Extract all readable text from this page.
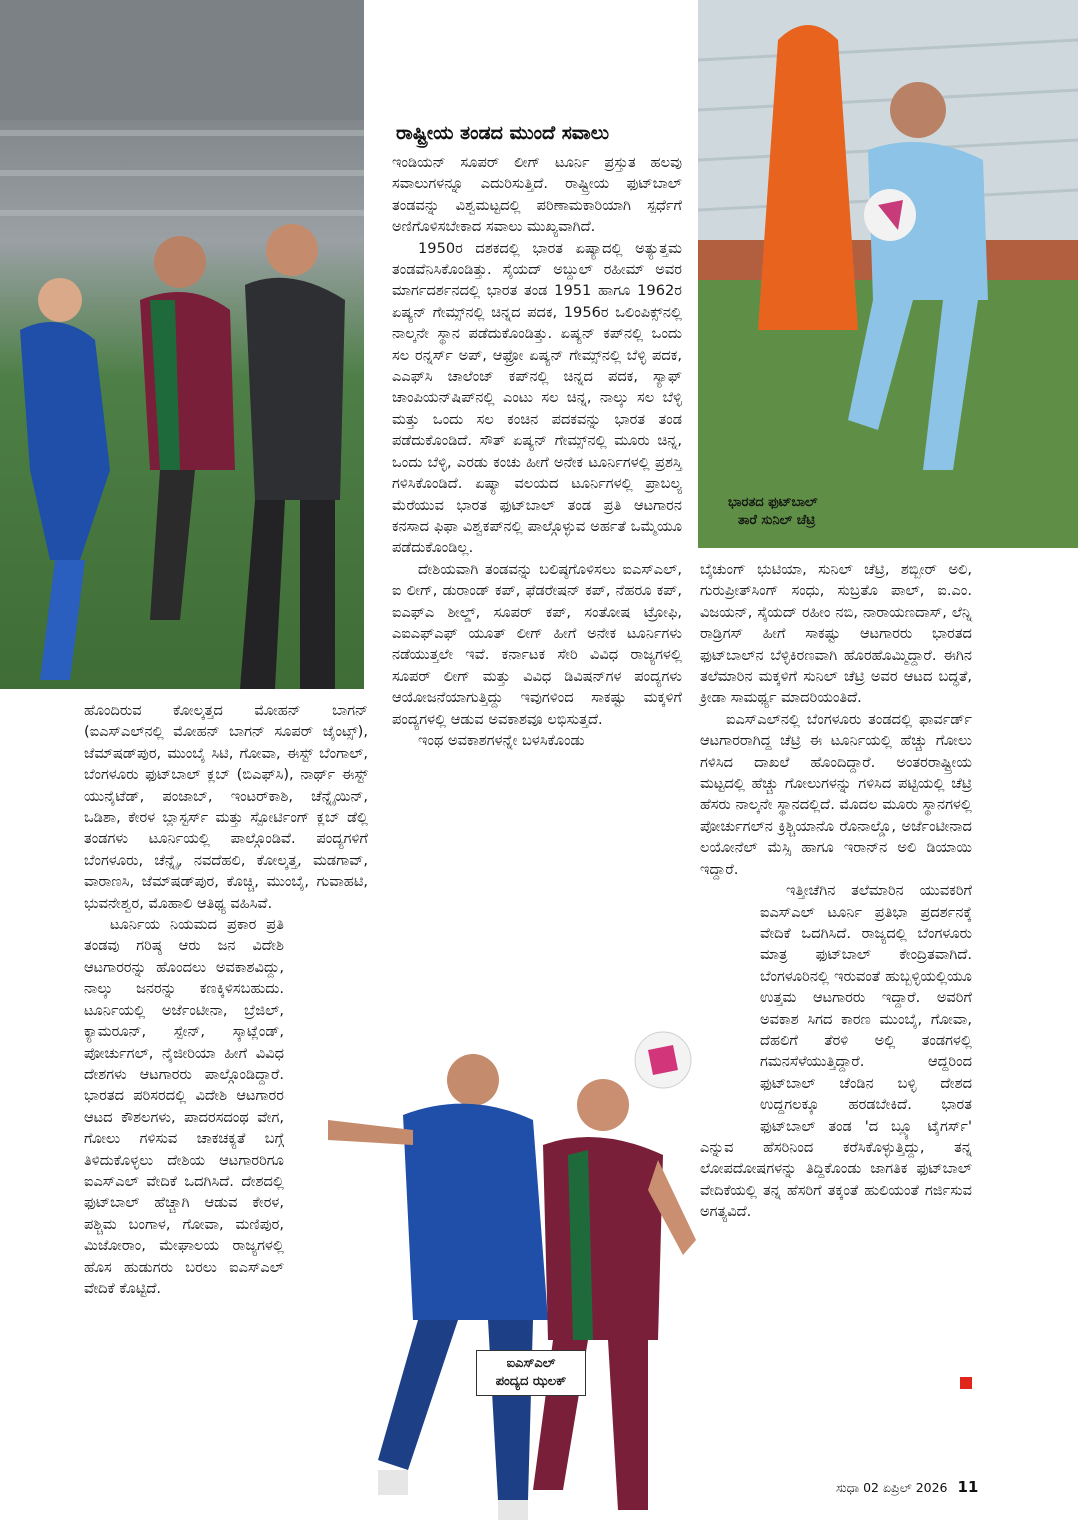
ಭಾರತದ ಫುಟ್‌ಬಾಲ್
ತಾರೆ ಸುನಿಲ್ ಚೆಟ್ರಿ
ರಾಷ್ಟ್ರೀಯ ತಂಡದ ಮುಂದೆ ಸವಾಲು

ಇಂಡಿಯನ್ ಸೂಪರ್ ಲೀಗ್ ಟೂರ್ನಿ ಪ್ರಸ್ತುತ ಹಲವು ಸವಾಲುಗಳನ್ನೂ ಎದುರಿಸುತ್ತಿದೆ. ರಾಷ್ಟ್ರೀಯ ಫುಟ್‌ಬಾಲ್ ತಂಡವನ್ನು ವಿಶ್ವಮಟ್ಟದಲ್ಲಿ ಪರಿಣಾಮಕಾರಿಯಾಗಿ ಸ್ಪರ್ಧೆಗೆ ಅಣಿಗೊಳಿಸಬೇಕಾದ ಸವಾಲು ಮುಖ್ಯವಾಗಿದೆ.

1950ರ ದಶಕದಲ್ಲಿ ಭಾರತ ಏಷ್ಯಾದಲ್ಲಿ ಅತ್ಯುತ್ತಮ ತಂಡವೆನಿಸಿಕೊಂಡಿತ್ತು. ಸೈಯದ್ ಅಬ್ದುಲ್ ರಹೀಮ್ ಅವರ ಮಾರ್ಗದರ್ಶನದಲ್ಲಿ ಭಾರತ ತಂಡ 1951 ಹಾಗೂ 1962ರ ಏಷ್ಯನ್ ಗೇಮ್ಸ್‌ನಲ್ಲಿ ಚಿನ್ನದ ಪದಕ, 1956ರ ಒಲಿಂಪಿಕ್ಸ್‌ನಲ್ಲಿ ನಾಲ್ಕನೇ ಸ್ಥಾನ ಪಡೆದುಕೊಂಡಿತ್ತು. ಏಷ್ಯನ್ ಕಪ್‌ನಲ್ಲಿ ಒಂದು ಸಲ ರನ್ನರ್ಸ್ ಅಪ್, ಆಫ್ರೋ ಏಷ್ಯನ್ ಗೇಮ್ಸ್‌ನಲ್ಲಿ ಬೆಳ್ಳಿ ಪದಕ, ಎಎಫ್‌ಸಿ ಚಾಲೆಂಜ್ ಕಪ್‌ನಲ್ಲಿ ಚಿನ್ನದ ಪದಕ, ಸ್ಯಾಫ್ ಚಾಂಪಿಯನ್‌ಷಿಪ್‌ನಲ್ಲಿ ಎಂಟು ಸಲ ಚಿನ್ನ, ನಾಲ್ಕು ಸಲ ಬೆಳ್ಳಿ ಮತ್ತು ಒಂದು ಸಲ ಕಂಚಿನ ಪದಕವನ್ನು ಭಾರತ ತಂಡ ಪಡೆದುಕೊಂಡಿದೆ. ಸೌತ್ ಏಷ್ಯನ್ ಗೇಮ್ಸ್‌ನಲ್ಲಿ ಮೂರು ಚಿನ್ನ, ಒಂದು ಬೆಳ್ಳಿ, ಎರಡು ಕಂಚು ಹೀಗೆ ಅನೇಕ ಟೂರ್ನಿಗಳಲ್ಲಿ ಪ್ರಶಸ್ತಿ ಗಳಿಸಿಕೊಂಡಿದೆ. ಏಷ್ಯಾ ವಲಯದ ಟೂರ್ನಿಗಳಲ್ಲಿ ಪ್ರಾಬಲ್ಯ ಮೆರೆಯುವ ಭಾರತ ಫುಟ್‌ಬಾಲ್ ತಂಡ ಪ್ರತಿ ಆಟಗಾರನ ಕನಸಾದ ಫಿಫಾ ವಿಶ್ವಕಪ್‌ನಲ್ಲಿ ಪಾಲ್ಗೊಳ್ಳುವ ಅರ್ಹತೆ ಒಮ್ಮೆಯೂ ಪಡೆದುಕೊಂಡಿಲ್ಲ.

ದೇಶಿಯವಾಗಿ ತಂಡವನ್ನು ಬಲಿಷ್ಠಗೊಳಿಸಲು ಐಎಸ್‌ಎಲ್, ಐ ಲೀಗ್, ಡುರಾಂಡ್ ಕಪ್, ಫೆಡರೇಷನ್ ಕಪ್, ನೆಹರೂ ಕಪ್, ಐಎಫ್‌ಎ ಶೀಲ್ಡ್, ಸೂಪರ್ ಕಪ್, ಸಂತೋಷ ಟ್ರೋಫಿ, ಎಐಎಫ್‌ಎಫ್ ಯೂತ್ ಲೀಗ್ ಹೀಗೆ ಅನೇಕ ಟೂರ್ನಿಗಳು ನಡೆಯುತ್ತಲೇ ಇವೆ. ಕರ್ನಾಟಕ ಸೇರಿ ವಿವಿಧ ರಾಜ್ಯಗಳಲ್ಲಿ ಸೂಪರ್ ಲೀಗ್ ಮತ್ತು ವಿವಿಧ ಡಿವಿಷನ್‌ಗಳ ಪಂದ್ಯಗಳು ಆಯೋಜನೆಯಾಗುತ್ತಿದ್ದು ಇವುಗಳಿಂದ ಸಾಕಷ್ಟು ಮಕ್ಕಳಿಗೆ ಪಂದ್ಯಗಳಲ್ಲಿ ಆಡುವ ಅವಕಾಶವೂ ಲಭಿಸುತ್ತದೆ.

ಇಂಥ ಅವಕಾಶಗಳನ್ನೇ ಬಳಸಿಕೊಂಡು

ಹೊಂದಿರುವ ಕೋಲ್ಕತ್ತದ ಮೋಹನ್ ಬಾಗನ್ (ಐಎಸ್‌ಎಲ್‌ನಲ್ಲಿ ಮೋಹನ್ ಬಾಗನ್ ಸೂಪರ್ ಜೈಂಟ್ಸ್), ಜೆಮ್‌ಷಡ್‌ಪುರ, ಮುಂಬೈ ಸಿಟಿ, ಗೋವಾ, ಈಸ್ಟ್ ಬೆಂಗಾಲ್, ಬೆಂಗಳೂರು ಫುಟ್‌ಬಾಲ್ ಕ್ಲಬ್ (ಬಿಎಫ್‌ಸಿ), ನಾರ್ಥ್ ಈಸ್ಟ್ ಯುನೈಟೆಡ್, ಪಂಜಾಬ್, ಇಂಟರ್‌ಕಾಶಿ, ಚೆನ್ನೈಯಿನ್, ಒಡಿಶಾ, ಕೇರಳ ಬ್ಲಾಸ್ಟರ್ಸ್ ಮತ್ತು ಸ್ಪೋರ್ಟಿಂಗ್ ಕ್ಲಬ್ ಡೆಲ್ಲಿ ತಂಡಗಳು ಟೂರ್ನಿಯಲ್ಲಿ ಪಾಲ್ಗೊಂಡಿವೆ. ಪಂದ್ಯಗಳಿಗೆ ಬೆಂಗಳೂರು, ಚೆನ್ನೈ, ನವದೆಹಲಿ, ಕೋಲ್ಕತ್ತ, ಮಡಗಾವ್, ವಾರಾಣಸಿ, ಜೆಮ್‌ಷಡ್‌ಪುರ, ಕೊಚ್ಚಿ, ಮುಂಬೈ, ಗುವಾಹಟಿ, ಭುವನೇಶ್ವರ, ಮೊಹಾಲಿ ಆತಿಥ್ಯ ವಹಿಸಿವೆ.

ಟೂರ್ನಿಯ ನಿಯಮದ ಪ್ರಕಾರ ಪ್ರತಿ ತಂಡವು ಗರಿಷ್ಠ ಆರು ಜನ ವಿದೇಶಿ ಆಟಗಾರರನ್ನು ಹೊಂದಲು ಅವಕಾಶವಿದ್ದು, ನಾಲ್ಕು ಜನರನ್ನು ಕಣಕ್ಕಿಳಿಸಬಹುದು. ಟೂರ್ನಿಯಲ್ಲಿ ಅರ್ಜೆಂಟೀನಾ, ಬ್ರೆಜಿಲ್, ಕ್ಯಾಮರೂನ್, ಸ್ಪೇನ್, ಸ್ಕಾಟ್ಲೆಂಡ್, ಪೋರ್ಚುಗಲ್, ನೈಜೀರಿಯಾ ಹೀಗೆ ವಿವಿಧ ದೇಶಗಳು ಆಟಗಾರರು ಪಾಲ್ಗೊಂಡಿದ್ದಾರೆ. ಭಾರತದ ಪರಿಸರದಲ್ಲಿ ವಿದೇಶಿ ಆಟಗಾರರ ಆಟದ ಕೌಶಲಗಳು, ಪಾದರಸದಂಥ ವೇಗ, ಗೋಲು ಗಳಿಸುವ ಚಾಕಚಕ್ಯತೆ ಬಗ್ಗೆ ತಿಳಿದುಕೊಳ್ಳಲು ದೇಶಿಯ ಆಟಗಾರರಿಗೂ ಐಎಸ್‌ಎಲ್ ವೇದಿಕೆ ಒದಗಿಸಿದೆ. ದೇಶದಲ್ಲಿ ಫುಟ್‌ಬಾಲ್ ಹೆಚ್ಚಾಗಿ ಆಡುವ ಕೇರಳ, ಪಶ್ಚಿಮ ಬಂಗಾಳ, ಗೋವಾ, ಮಣಿಪುರ, ಮಿಜೋರಾಂ, ಮೇಘಾಲಯ ರಾಜ್ಯಗಳಲ್ಲಿ ಹೊಸ ಹುಡುಗರು ಬರಲು ಐಎಸ್‌ಎಲ್ ವೇದಿಕೆ ಕೊಟ್ಟಿದೆ.

ಬೈಚುಂಗ್ ಭುಟಿಯಾ, ಸುನಿಲ್ ಚೆಟ್ರಿ, ಶಬ್ಬೀರ್ ಅಲಿ, ಗುರುಪ್ರೀತ್‌ಸಿಂಗ್ ಸಂಧು, ಸುಬ್ರತೊ ಪಾಲ್, ಐ.ಎಂ. ವಿಜಯನ್, ಸೈಯದ್ ರಹೀಂ ನಬಿ, ನಾರಾಯಣದಾಸ್, ಲೆನ್ನಿ ರಾಡ್ರಿಗಸ್ ಹೀಗೆ ಸಾಕಷ್ಟು ಆಟಗಾರರು ಭಾರತದ ಫುಟ್‌ಬಾಲ್‌ನ ಬೆಳ್ಳಿಕಿರಣವಾಗಿ ಹೊರಹೊಮ್ಮಿದ್ದಾರೆ. ಈಗಿನ ತಲೆಮಾರಿನ ಮಕ್ಕಳಿಗೆ ಸುನಿಲ್ ಚೆಟ್ರಿ ಅವರ ಆಟದ ಬದ್ಧತೆ, ಕ್ರೀಡಾ ಸಾಮರ್ಥ್ಯ ಮಾದರಿಯಂತಿದೆ.

ಐಎಸ್‌ಎಲ್‌ನಲ್ಲಿ ಬೆಂಗಳೂರು ತಂಡದಲ್ಲಿ ಫಾರ್ವರ್ಡ್ ಆಟಗಾರರಾಗಿದ್ದ ಚೆಟ್ರಿ ಈ ಟೂರ್ನಿಯಲ್ಲಿ ಹೆಚ್ಚು ಗೋಲು ಗಳಿಸಿದ ದಾಖಲೆ ಹೊಂದಿದ್ದಾರೆ. ಅಂತರರಾಷ್ಟ್ರೀಯ ಮಟ್ಟದಲ್ಲಿ ಹೆಚ್ಚು ಗೋಲುಗಳನ್ನು ಗಳಿಸಿದ ಪಟ್ಟಿಯಲ್ಲಿ ಚೆಟ್ರಿ ಹೆಸರು ನಾಲ್ಕನೇ ಸ್ಥಾನದಲ್ಲಿದೆ. ಮೊದಲ ಮೂರು ಸ್ಥಾನಗಳಲ್ಲಿ ಪೋರ್ಚುಗಲ್‌ನ ಕ್ರಿಶ್ಚಿಯಾನೊ ರೊನಾಲ್ಡೊ, ಅರ್ಜೆಂಟೀನಾದ ಲಯೋನೆಲ್ ಮೆಸ್ಸಿ ಹಾಗೂ ಇರಾನ್‌ನ ಅಲಿ ಡಿಯಾಯಿ ಇದ್ದಾರೆ.

ಇತ್ತೀಚೆಗಿನ ತಲೆಮಾರಿನ ಯುವಕರಿಗೆ ಐಎಸ್‌ಎಲ್ ಟೂರ್ನಿ ಪ್ರತಿಭಾ ಪ್ರದರ್ಶನಕ್ಕೆ ವೇದಿಕೆ ಒದಗಿಸಿದೆ. ರಾಜ್ಯದಲ್ಲಿ ಬೆಂಗಳೂರು ಮಾತ್ರ ಫುಟ್‌ಬಾಲ್ ಕೇಂದ್ರಿತವಾಗಿದೆ. ಬೆಂಗಳೂರಿನಲ್ಲಿ ಇರುವಂತೆ ಹುಬ್ಬಳ್ಳಿಯಲ್ಲಿಯೂ ಉತ್ತಮ ಆಟಗಾರರು ಇದ್ದಾರೆ. ಅವರಿಗೆ ಅವಕಾಶ ಸಿಗದ ಕಾರಣ ಮುಂಬೈ, ಗೋವಾ, ದೆಹಲಿಗೆ ತೆರಳಿ ಅಲ್ಲಿ ತಂಡಗಳಲ್ಲಿ ಗಮನಸೆಳೆಯುತ್ತಿದ್ದಾರೆ. ಆದ್ದರಿಂದ ಫುಟ್‌ಬಾಲ್ ಚೆಂಡಿನ ಬಳ್ಳಿ ದೇಶದ ಉದ್ದಗಲಕ್ಕೂ ಹರಡಬೇಕಿದೆ. ಭಾರತ ಫುಟ್‌ಬಾಲ್ ತಂಡ 'ದ ಬ್ಲ್ಯೂ ಟೈಗರ್ಸ್' ಎನ್ನುವ ಹೆಸರಿನಿಂದ ಕರೆಸಿಕೊಳ್ಳುತ್ತಿದ್ದು, ತನ್ನ ಲೋಪದೋಷಗಳನ್ನು ತಿದ್ದಿಕೊಂಡು ಜಾಗತಿಕ ಫುಟ್‌ಬಾಲ್ ವೇದಿಕೆಯಲ್ಲಿ ತನ್ನ ಹೆಸರಿಗೆ ತಕ್ಕಂತೆ ಹುಲಿಯಂತೆ ಗರ್ಜಿಸುವ ಅಗತ್ಯವಿದೆ.

ಐಎಸ್‌ಎಲ್
ಪಂದ್ಯದ ಝಲಕ್
ಸುಧಾ 02 ಏಪ್ರಿಲ್ 2026 11
